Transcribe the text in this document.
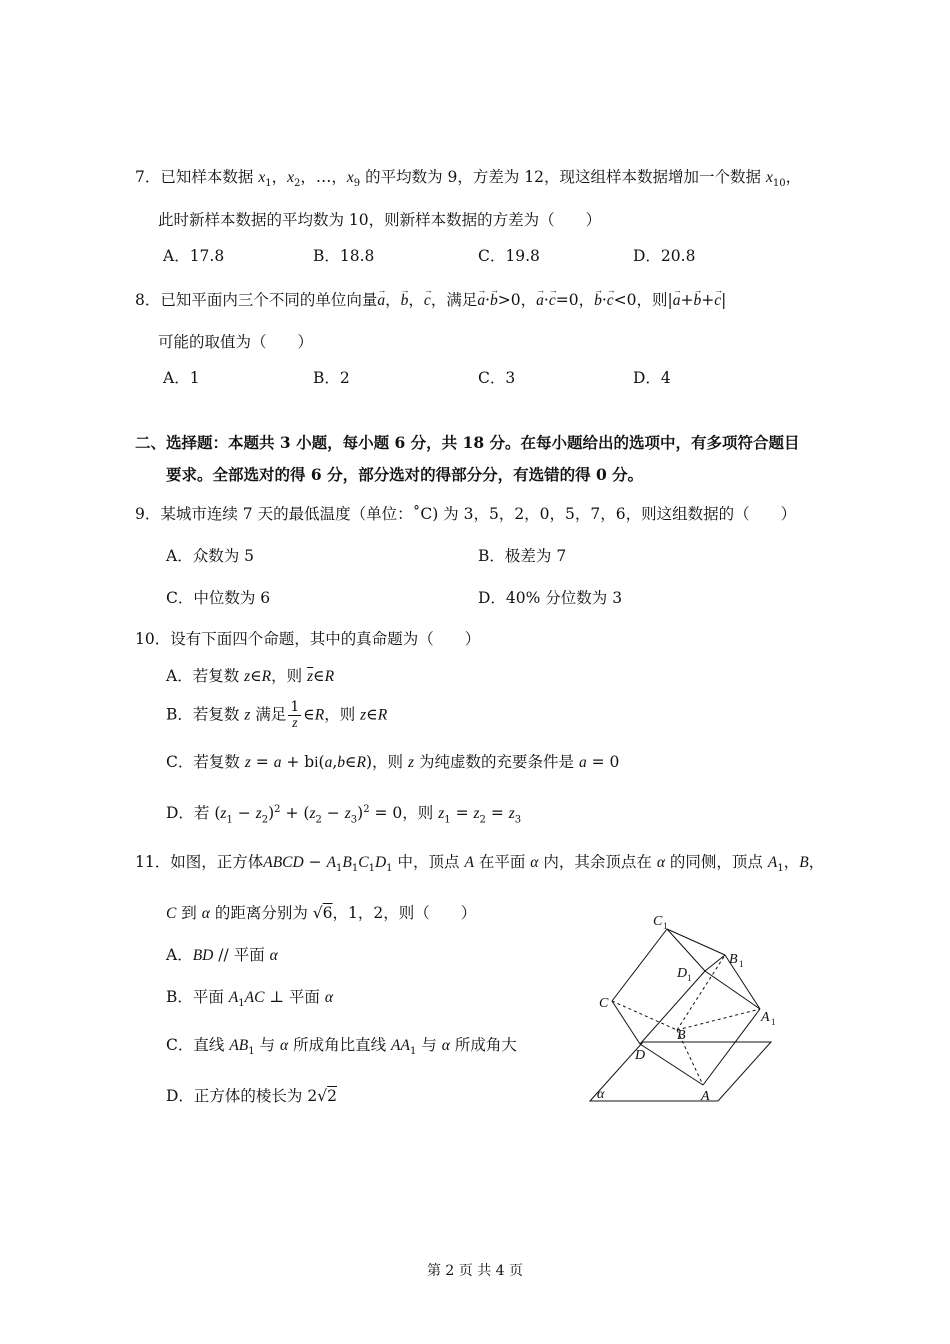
7．已知样本数据 $x_1$，$x_2$，…，$x_9$ 的平均数为 9，方差为 12，现这组样本数据增加一个数据 $x_{10}$，
此时新样本数据的平均数为 10，则新样本数据的方差为（　　）
A．17.8	B．18.8	C．19.8	D．20.8
8．已知平面内三个不同的单位向量→ a，→ b，→ c，满足→ a·→ b>0，→ a·→ c=0，→ b·→ c<0，则|→ a+→ b+→ c|
可能的取值为（　　）
A．1	B．2	C．3	D．4
二、选择题：本题共 3 小题，每小题 6 分，共 18 分。在每小题给出的选项中，有多项符合题目
要求。全部选对的得 6 分，部分选对的得部分分，有选错的得 0 分。
9．某城市连续 7 天的最低温度（单位：˚C) 为 3，5，2，0，5，7，6，则这组数据的（　　）
A．众数为 5	B．极差为 7
C．中位数为 6	D．40% 分位数为 3
10．设有下面四个命题，其中的真命题为（　　）
A．若复数 z∈R，则 $\overline{z}\in R$
B．若复数 z 满足 $\frac{1}{z}$ ∈R，则 z∈R
C．若复数 z = a + bi(a,b∈R)，则 z 为纯虚数的充要条件是 a = 0
D．若 $(z_1 - z_2)^2 + (z_2 - z_3)^2 = 0$，则 $z_1 = z_2 = z_3$
11．如图，正方体ABCD − $A_1B_1C_1D_1$ 中，顶点 A 在平面 α 内，其余顶点在 α 的同侧，顶点 $A_1$，B，
C 到 α 的距离分别为 √6，1，2，则（　　）
A．BD // 平面 α
B．平面 $A_1AC$ ⊥ 平面 α
C．直线 $AB_1$ 与 α 所成角比直线 $AA_1$ 与 α 所成角大
D．正方体的棱长为 2√2
C 1
B 1
D 1
C
A 1
B
D
A
α
第 2 页 共 4 页
